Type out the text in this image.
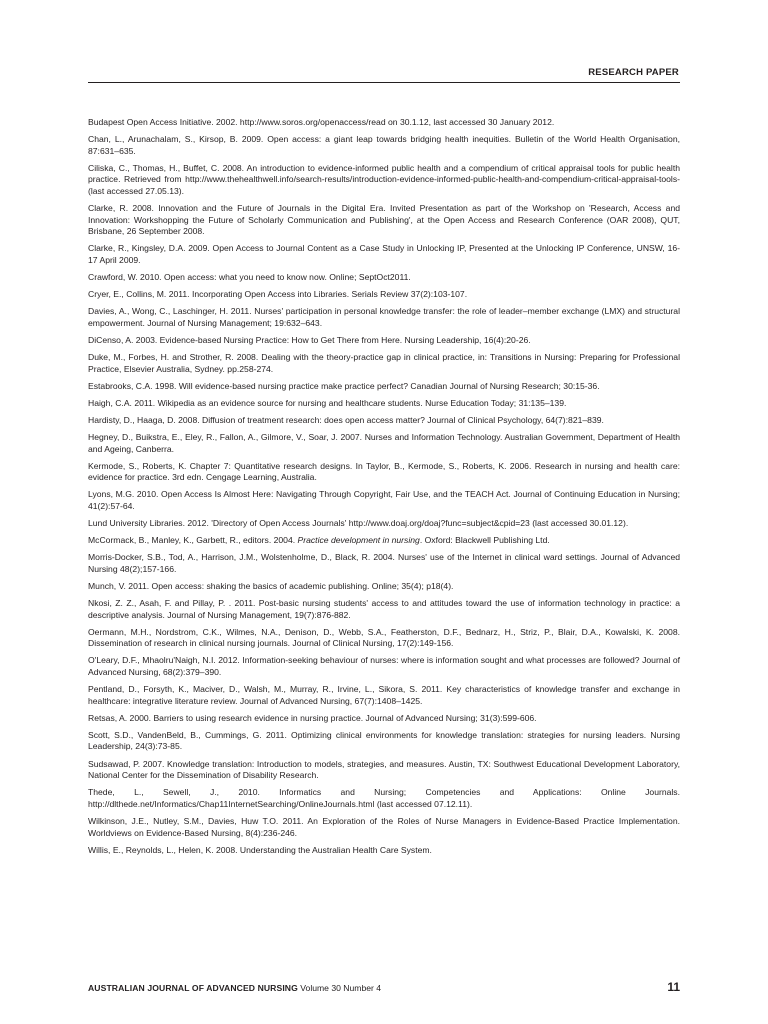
RESEARCH PAPER
Budapest Open Access Initiative. 2002. http://www.soros.org/openaccess/read on 30.1.12, last accessed 30 January 2012.
Chan, L., Arunachalam, S., Kirsop, B. 2009. Open access: a giant leap towards bridging health inequities. Bulletin of the World Health Organisation, 87:631–635.
Ciliska, C., Thomas, H., Buffet, C. 2008. An introduction to evidence-informed public health and a compendium of critical appraisal tools for public health practice. Retrieved from http://www.thehealthwell.info/search-results/introduction-evidence-informed-public-health-and-compendium-critical-appraisal-tools- (last accessed 27.05.13).
Clarke, R. 2008. Innovation and the Future of Journals in the Digital Era. Invited Presentation as part of the Workshop on 'Research, Access and Innovation: Workshopping the Future of Scholarly Communication and Publishing', at the Open Access and Research Conference (OAR 2008), QUT, Brisbane, 26 September 2008.
Clarke, R., Kingsley, D.A. 2009. Open Access to Journal Content as a Case Study in Unlocking IP, Presented at the Unlocking IP Conference, UNSW, 16-17 April 2009.
Crawford, W. 2010. Open access: what you need to know now. Online; SeptOct2011.
Cryer, E., Collins, M. 2011. Incorporating Open Access into Libraries. Serials Review 37(2):103-107.
Davies, A., Wong, C., Laschinger, H. 2011. Nurses' participation in personal knowledge transfer: the role of leader–member exchange (LMX) and structural empowerment. Journal of Nursing Management; 19:632–643.
DiCenso, A. 2003. Evidence-based Nursing Practice: How to Get There from Here. Nursing Leadership, 16(4):20-26.
Duke, M., Forbes, H. and Strother, R. 2008. Dealing with the theory-practice gap in clinical practice, in: Transitions in Nursing: Preparing for Professional Practice, Elsevier Australia, Sydney. pp.258-274.
Estabrooks, C.A. 1998. Will evidence-based nursing practice make practice perfect? Canadian Journal of Nursing Research; 30:15-36.
Haigh, C.A. 2011. Wikipedia as an evidence source for nursing and healthcare students. Nurse Education Today; 31:135–139.
Hardisty, D., Haaga, D. 2008. Diffusion of treatment research: does open access matter? Journal of Clinical Psychology, 64(7):821–839.
Hegney, D., Buikstra, E., Eley, R., Fallon, A., Gilmore, V., Soar, J. 2007. Nurses and Information Technology. Australian Government, Department of Health and Ageing, Canberra.
Kermode, S., Roberts, K. Chapter 7: Quantitative research designs. In Taylor, B., Kermode, S., Roberts, K. 2006. Research in nursing and health care: evidence for practice. 3rd edn. Cengage Learning, Australia.
Lyons, M.G. 2010. Open Access Is Almost Here: Navigating Through Copyright, Fair Use, and the TEACH Act. Journal of Continuing Education in Nursing; 41(2):57-64.
Lund University Libraries. 2012. 'Directory of Open Access Journals' http://www.doaj.org/doaj?func=subject&cpid=23 (last accessed 30.01.12).
McCormack, B., Manley, K., Garbett, R., editors. 2004. Practice development in nursing. Oxford: Blackwell Publishing Ltd.
Morris-Docker, S.B., Tod, A., Harrison, J.M., Wolstenholme, D., Black, R. 2004. Nurses' use of the Internet in clinical ward settings. Journal of Advanced Nursing 48(2);157-166.
Munch, V. 2011. Open access: shaking the basics of academic publishing. Online; 35(4); p18(4).
Nkosi, Z. Z., Asah, F. and Pillay, P. . 2011. Post-basic nursing students' access to and attitudes toward the use of information technology in practice: a descriptive analysis. Journal of Nursing Management, 19(7):876-882.
Oermann, M.H., Nordstrom, C.K., Wilmes, N.A., Denison, D., Webb, S.A., Featherston, D.F., Bednarz, H., Striz, P., Blair, D.A., Kowalski, K. 2008. Dissemination of research in clinical nursing journals. Journal of Clinical Nursing, 17(2):149-156.
O'Leary, D.F., Mhaolru'Naigh, N.I. 2012. Information-seeking behaviour of nurses: where is information sought and what processes are followed? Journal of Advanced Nursing, 68(2):379–390.
Pentland, D., Forsyth, K., Maciver, D., Walsh, M., Murray, R., Irvine, L., Sikora, S. 2011. Key characteristics of knowledge transfer and exchange in healthcare: integrative literature review. Journal of Advanced Nursing, 67(7):1408–1425.
Retsas, A. 2000. Barriers to using research evidence in nursing practice. Journal of Advanced Nursing; 31(3):599-606.
Scott, S.D., VandenBeld, B., Cummings, G. 2011. Optimizing clinical environments for knowledge translation: strategies for nursing leaders. Nursing Leadership, 24(3):73-85.
Sudsawad, P. 2007. Knowledge translation: Introduction to models, strategies, and measures. Austin, TX: Southwest Educational Development Laboratory, National Center for the Dissemination of Disability Research.
Thede, L., Sewell, J., 2010. Informatics and Nursing; Competencies and Applications: Online Journals. http://dlthede.net/Informatics/Chap11InternetSearching/OnlineJournals.html (last accessed 07.12.11).
Wilkinson, J.E., Nutley, S.M., Davies, Huw T.O. 2011. An Exploration of the Roles of Nurse Managers in Evidence-Based Practice Implementation. Worldviews on Evidence-Based Nursing, 8(4):236-246.
Willis, E., Reynolds, L., Helen, K. 2008. Understanding the Australian Health Care System.
AUSTRALIAN JOURNAL OF ADVANCED NURSING Volume 30 Number 4	11
